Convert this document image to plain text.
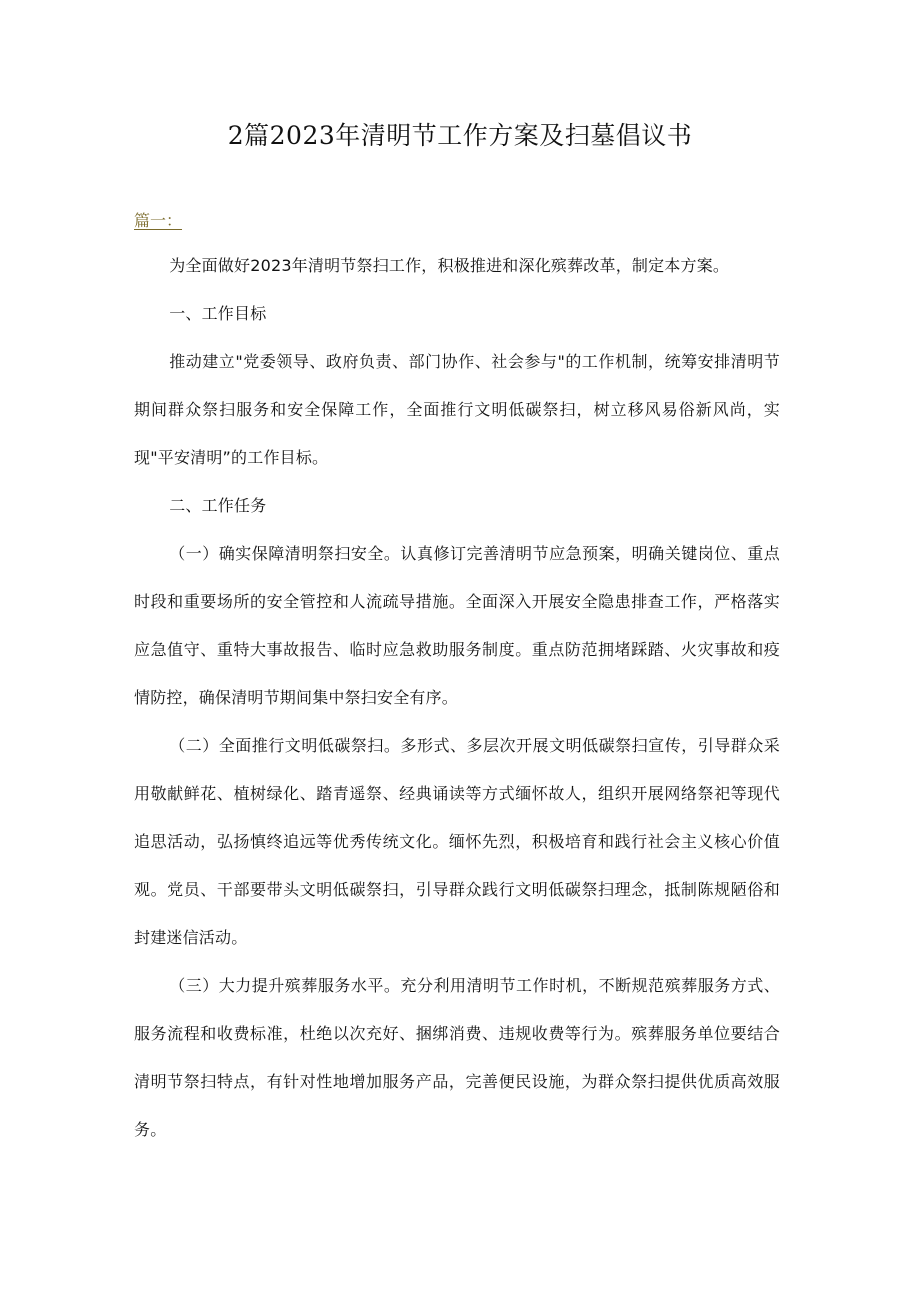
2篇2023年清明节工作方案及扫墓倡议书
篇一：

为全面做好2023年清明节祭扫工作，积极推进和深化殡葬改革，制定本方案。

一、工作目标

推动建立"党委领导、政府负责、部门协作、社会参与"的工作机制，统筹安排清明节期间群众祭扫服务和安全保障工作，全面推行文明低碳祭扫，树立移风易俗新风尚，实现"平安清明”的工作目标。

二、工作任务

（一）确实保障清明祭扫安全。认真修订完善清明节应急预案，明确关键岗位、重点时段和重要场所的安全管控和人流疏导措施。全面深入开展安全隐患排查工作，严格落实应急值守、重特大事故报告、临时应急救助服务制度。重点防范拥堵踩踏、火灾事故和疫情防控，确保清明节期间集中祭扫安全有序。

（二）全面推行文明低碳祭扫。多形式、多层次开展文明低碳祭扫宣传，引导群众采用敬献鲜花、植树绿化、踏青遥祭、经典诵读等方式缅怀故人，组织开展网络祭祀等现代追思活动，弘扬慎终追远等优秀传统文化。缅怀先烈，积极培育和践行社会主义核心价值观。党员、干部要带头文明低碳祭扫，引导群众践行文明低碳祭扫理念，抵制陈规陋俗和封建迷信活动。

（三）大力提升殡葬服务水平。充分利用清明节工作时机，不断规范殡葬服务方式、服务流程和收费标准，杜绝以次充好、捆绑消费、违规收费等行为。殡葬服务单位要结合清明节祭扫特点，有针对性地增加服务产品，完善便民设施，为群众祭扫提供优质高效服务。
